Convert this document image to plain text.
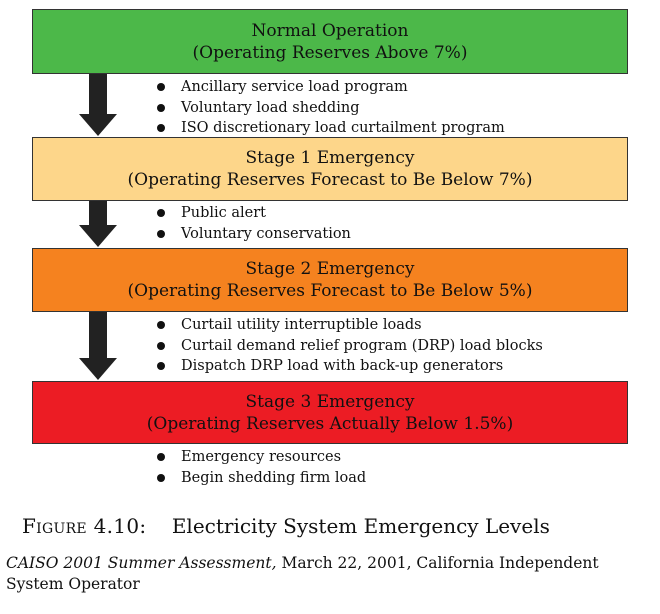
Normal Operation
(Operating Reserves Above 7%)
Stage 1 Emergency
(Operating Reserves Forecast to Be Below 7%)
Stage 2 Emergency
(Operating Reserves Forecast to Be Below 5%)
Stage 3 Emergency
(Operating Reserves Actually Below 1.5%)
Ancillary service load program
Voluntary load shedding
ISO discretionary load curtailment program
Public alert
Voluntary conservation
Curtail utility interruptible loads
Curtail demand relief program (DRP) load blocks
Dispatch DRP load with back-up generators
Emergency resources
Begin shedding firm load
Figure 4.10: Electricity System Emergency Levels
CAISO 2001 Summer Assessment, March 22, 2001, California Independent System Operator
